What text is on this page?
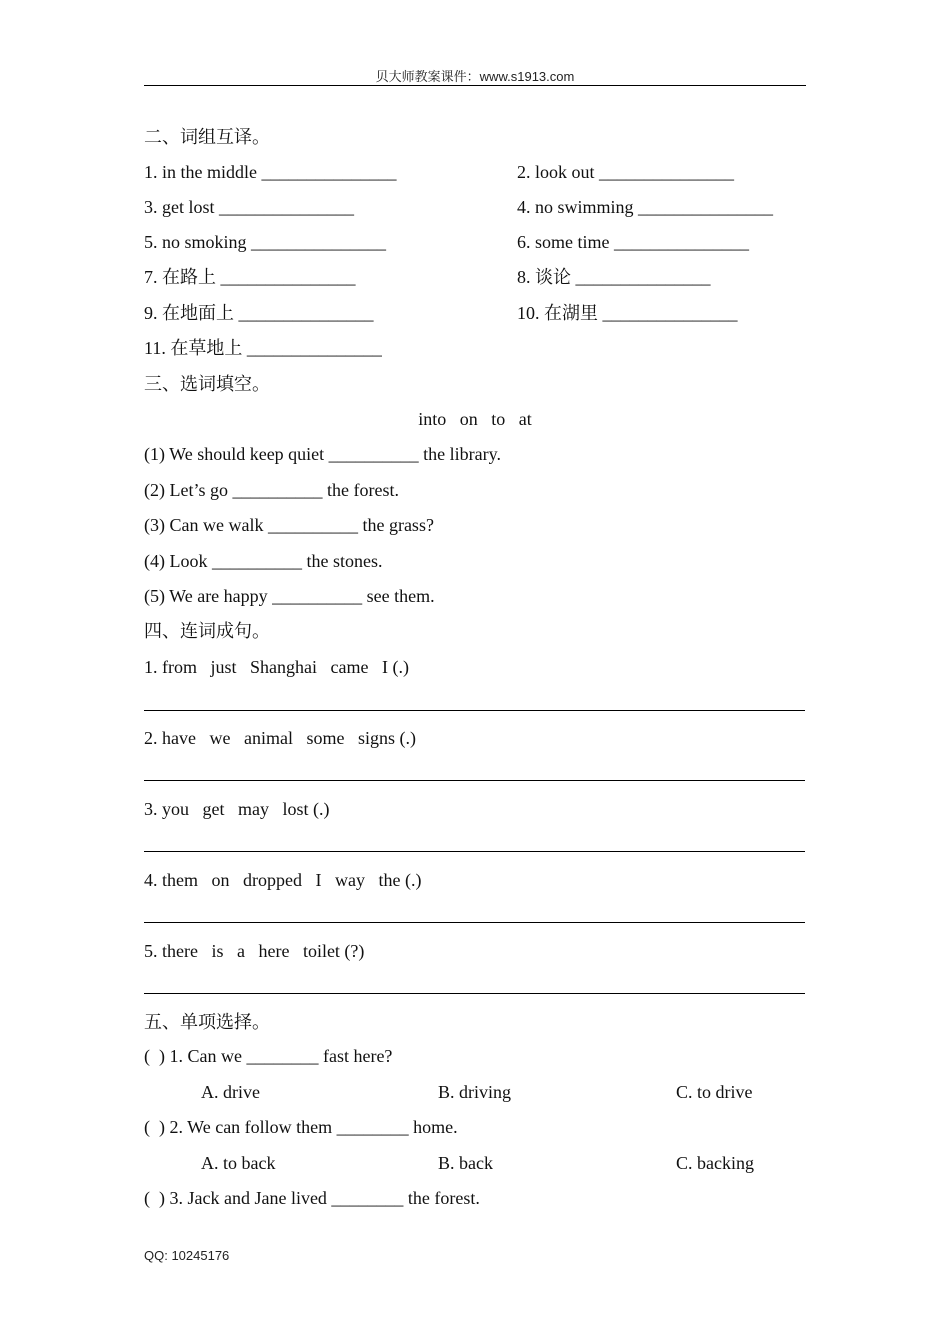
贝大师教案课件：www.s1913.com
二、词组互译。
1. in the middle _______________	2. look out _______________
3. get lost _______________	4. no swimming _______________
5. no smoking _______________	6. some time _______________
7. 在路上 _______________	8. 谈论 _______________
9. 在地面上 _______________	10. 在湖里 _______________
11. 在草地上 _______________
三、选词填空。
into   on   to   at
(1) We should keep quiet __________ the library.
(2) Let’s go __________ the forest.
(3) Can we walk __________ the grass?
(4) Look __________ the stones.
(5) We are happy __________ see them.
四、连词成句。
1. from   just   Shanghai   came   I (.)
2. have   we   animal   some   signs (.)
3. you   get   may   lost (.)
4. them   on   dropped   I   way   the (.)
5. there   is   a   here   toilet (?)
五、单项选择。
(  ) 1. Can we ________ fast here?
A. drive	B. driving	C. to drive
(  ) 2. We can follow them ________ home.
A. to back	B. back	C. backing
(  ) 3. Jack and Jane lived ________ the forest.
QQ: 10245176
